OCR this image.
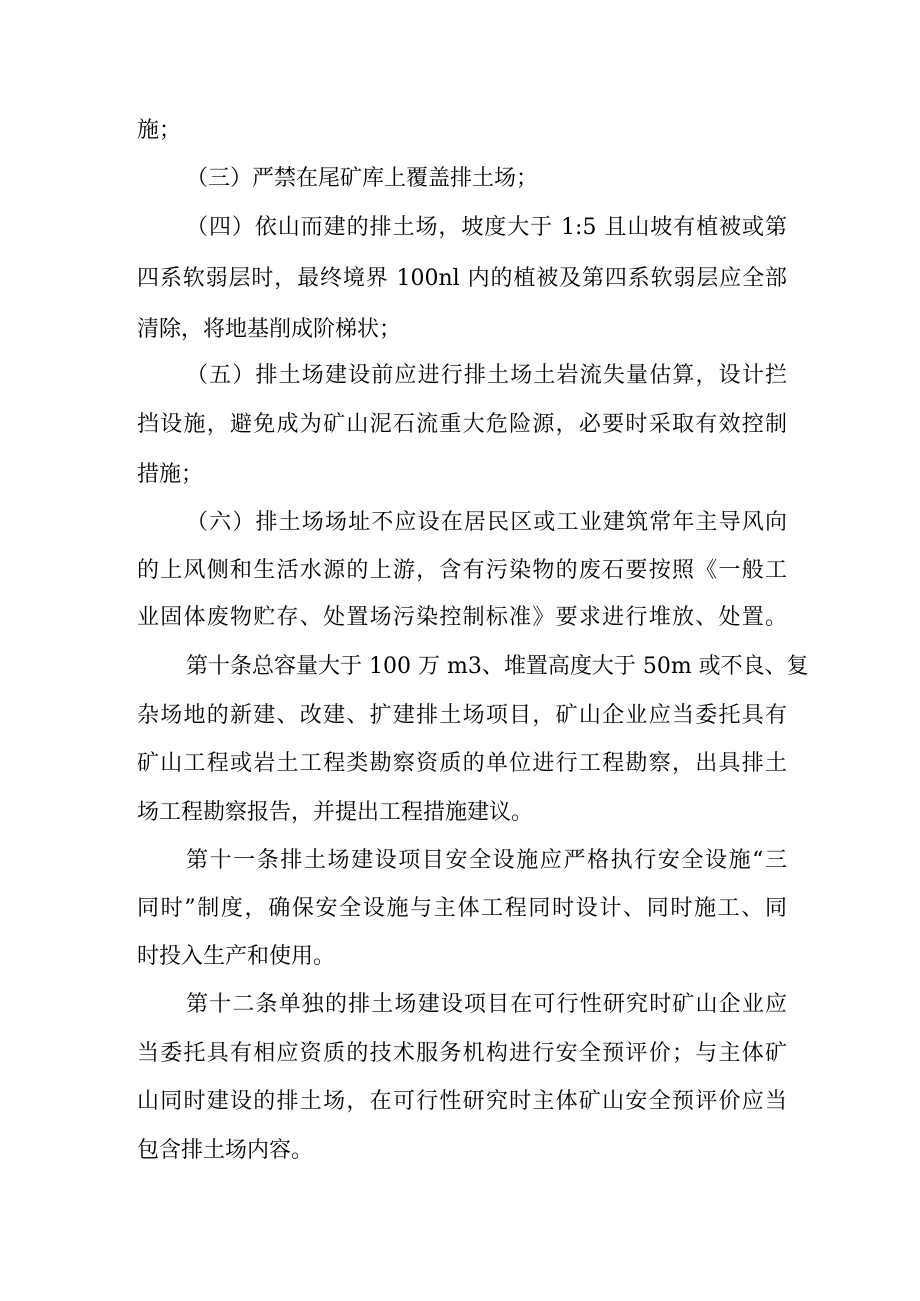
施；

（三）严禁在尾矿库上覆盖排土场；

（四）依山而建的排土场，坡度大于 1:5 且山坡有植被或第

四系软弱层时，最终境界 100nl 内的植被及第四系软弱层应全部

清除，将地基削成阶梯状；

（五）排土场建设前应进行排土场土岩流失量估算，设计拦

挡设施，避免成为矿山泥石流重大危险源，必要时采取有效控制

措施；

（六）排土场场址不应设在居民区或工业建筑常年主导风向

的上风侧和生活水源的上游，含有污染物的废石要按照《一般工

业固体废物贮存、处置场污染控制标准》要求进行堆放、处置。

第十条总容量大于 100 万 m3、堆置高度大于 50m 或不良、复

杂场地的新建、改建、扩建排土场项目，矿山企业应当委托具有

矿山工程或岩土工程类勘察资质的单位进行工程勘察，出具排土

场工程勘察报告，并提出工程措施建议。

第十一条排土场建设项目安全设施应严格执行安全设施“三

同时”制度，确保安全设施与主体工程同时设计、同时施工、同

时投入生产和使用。

第十二条单独的排土场建设项目在可行性研究时矿山企业应

当委托具有相应资质的技术服务机构进行安全预评价；与主体矿

山同时建设的排土场，在可行性研究时主体矿山安全预评价应当

包含排土场内容。
